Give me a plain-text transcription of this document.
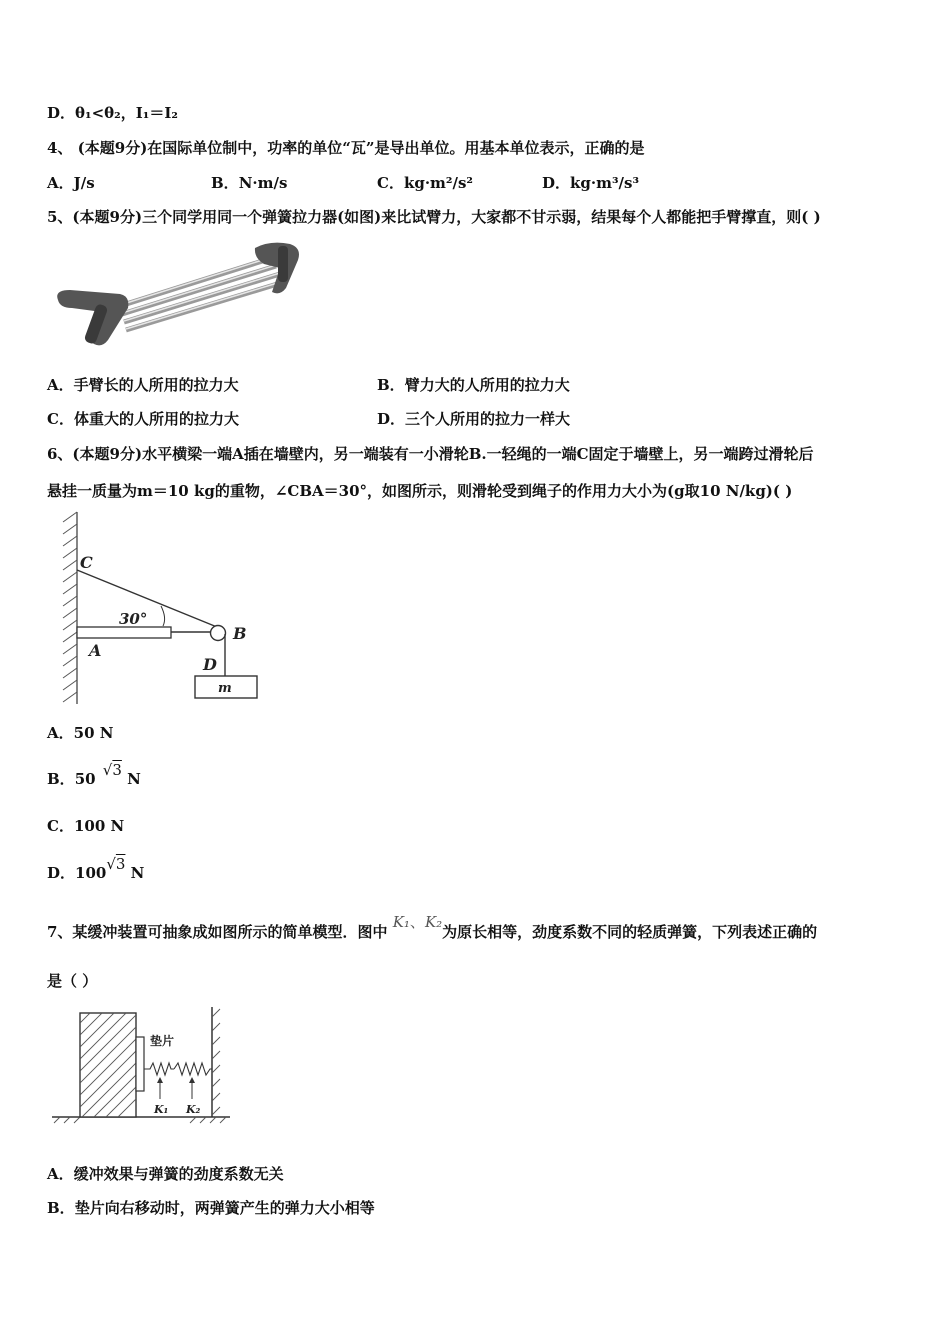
D．θ₁<θ₂，I₁＝I₂
4、 (本题9分)在国际单位制中，功率的单位“瓦”是导出单位。用基本单位表示，正确的是
A．J/s	B．N·m/s	C．kg·m²/s²	D．kg·m³/s³
5、(本题9分)三个同学用同一个弹簧拉力器(如图)来比试臂力，大家都不甘示弱，结果每个人都能把手臂撑直，则( )
A．手臂长的人所用的拉力大	B．臂力大的人所用的拉力大
C．体重大的人所用的拉力大	D．三个人所用的拉力一样大
6、(本题9分)水平横梁一端A插在墙壁内，另一端装有一小滑轮B.一轻绳的一端C固定于墙壁上，另一端跨过滑轮后
悬挂一质量为m＝10 kg的重物，∠CBA＝30°，如图所示，则滑轮受到绳子的作用力大小为(g取10 N/kg)( )
C
30°
B
A
D
m
A．50 N
B．50 √3 N
C．100 N
D．100√3 N
7、某缓冲装置可抽象成如图所示的简单模型．图中 K₁、K₂为原长相等，劲度系数不同的轻质弹簧，下列表述正确的
是（ ）
垫片
K₁ K₂
A．缓冲效果与弹簧的劲度系数无关
B．垫片向右移动时，两弹簧产生的弹力大小相等
